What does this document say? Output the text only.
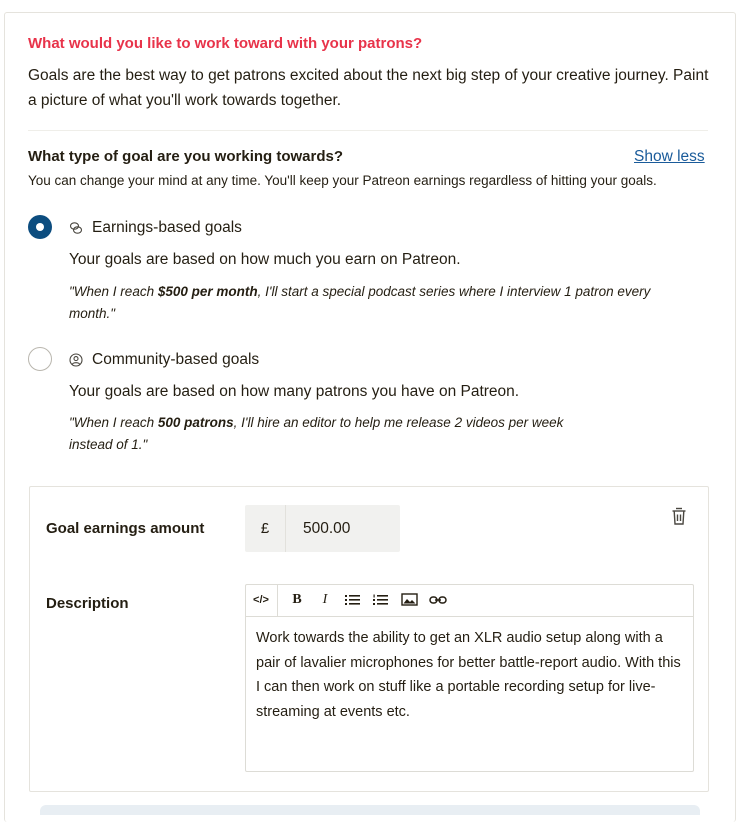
What would you like to work toward with your patrons?
Goals are the best way to get patrons excited about the next big step of your creative journey. Paint a picture of what you'll work towards together.
What type of goal are you working towards?	Show less
You can change your mind at any time. You'll keep your Patreon earnings regardless of hitting your goals.
Earnings-based goals
Your goals are based on how much you earn on Patreon.
"When I reach $500 per month, I'll start a special podcast series where I interview 1 patron every month."
Community-based goals
Your goals are based on how many patrons you have on Patreon.
"When I reach 500 patrons, I'll hire an editor to help me release 2 videos per week instead of 1."
Goal earnings amount	£	500.00
Description	</>	B	I
Work towards the ability to get an XLR audio setup along with a pair of lavalier microphones for better battle-report audio. With this I can then work on stuff like a portable recording setup for live-streaming at events etc.
